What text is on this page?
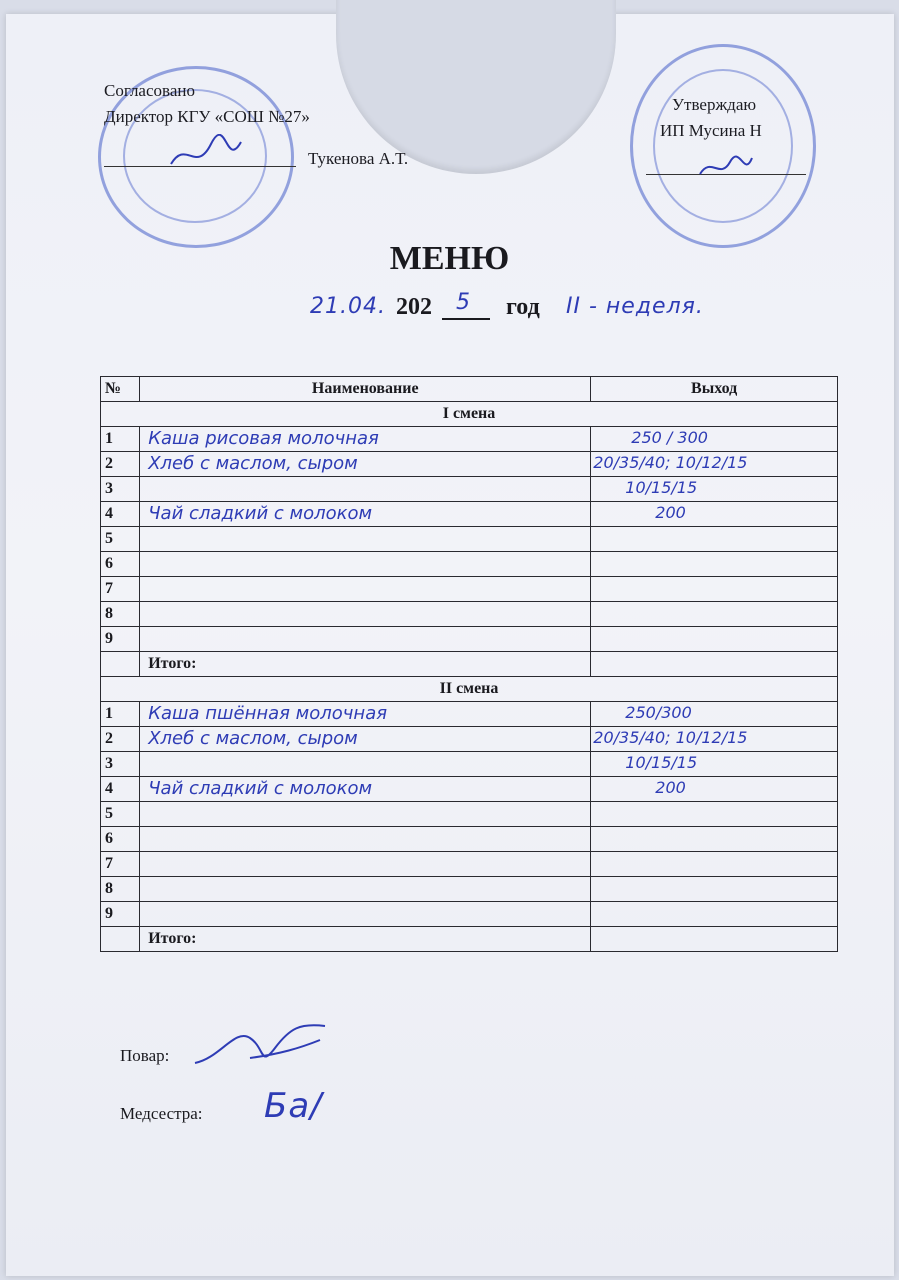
Согласовано
Директор КГУ «СОШ №27»
Тукенова А.Т.
Утверждаю
ИП Мусина Н
МЕНЮ
21.04. 202 5 год II - неделя.
№	Наименование	Выход
I смена		
1	Каша рисовая молочная	250 / 300

2	Хлеб с маслом, сыром	20/35/40; 10/12/15

3		10/15/15

4	Чай сладкий с молоком	200

5		
6		
7		
8		
9		
	Итого:	
II смена		
1	Каша пшённая молочная	250/300

2	Хлеб с маслом, сыром	20/35/40; 10/12/15

3		10/15/15

4	Чай сладкий с молоком	200

5		
6		
7		
8		
9		
	Итого:	
Повар:
Медсестра: Ба/
